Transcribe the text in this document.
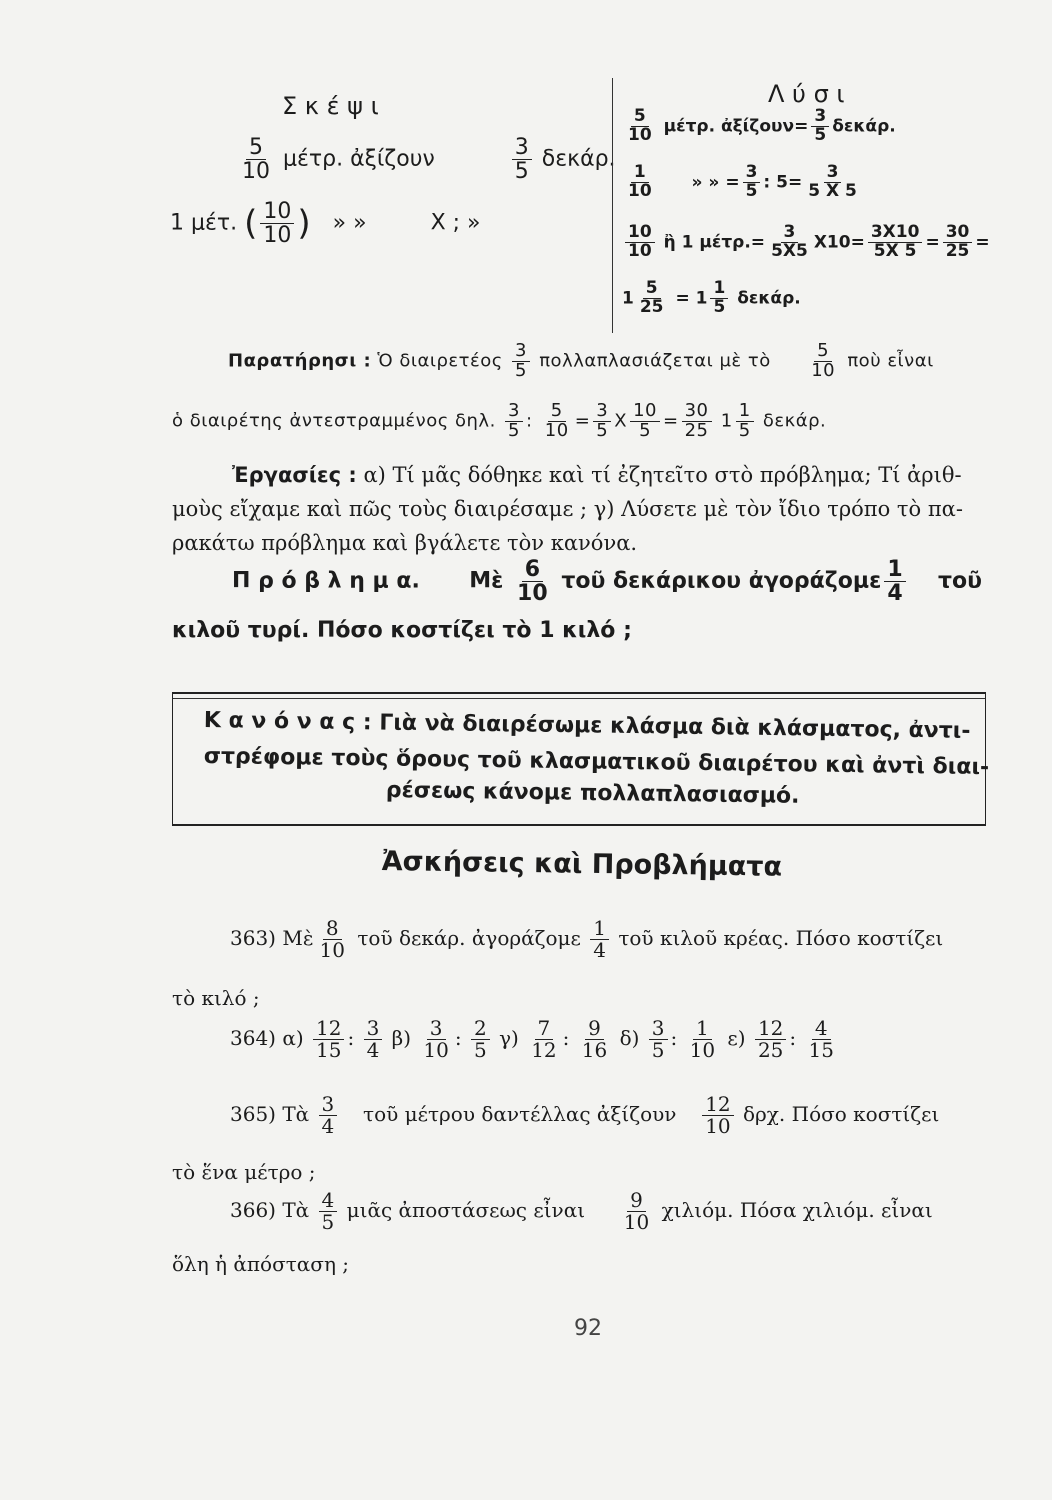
Σ κ έ ψ ι
$\frac{5}{10} \mu έ\tau\rho$. ἀξίζουν	$\frac{3}{5} \delta\varepsilon\kappa ά\rho$.
1 μέτ. ( $\frac{10}{10}$ ) » »	Χ ; »
Λ ύ σ ι
$\frac{5}{10} \mu έ\tau\rho$. ἀξίζουν= $\frac{3}{5} \delta\varepsilon\kappa ά\rho$.
$\frac{1}{10}$ » » = $\frac{3}{5}$ : $5= \frac{3}{5 X 5}$
$\frac{10}{10}$ ἢ 1 $\mu έ\tau\rho.= \frac{3}{5X5} X10= \frac{3X10}{5X 5} = \frac{30}{25}$ =
$1 \frac{5}{25} = 1 \frac{1}{5} \delta\varepsilon\kappa ά\rho$.
Παρατήρησι : Ὁ διαιρετέος $\frac{3}{5}$ πολλαπλασιάζεται μὲ τὸ $\frac{5}{10}$ ποὺ εἶναι
ὁ διαιρέτης ἀντεστραμμένος δηλ. $\frac{3}{5}$ : $\frac{5}{10} = \frac{3}{5}$ Χ $\frac{10}{5} = \frac{30}{25} 1 \frac{1}{5} \delta\varepsilon\kappa ά\rho$.
Ἐργασίες : α) Τί μᾶς δόθηκε καὶ τί ἐζητεῖτο στὸ πρόβλημα; Τί ἀριθ-
μοὺς εἴχαμε καὶ πῶς τοὺς διαιρέσαμε ; γ) Λύσετε μὲ τὸν ἴδιο τρόπο τὸ πα-
ρακάτω πρόβλημα καὶ βγάλετε τὸν κανόνα.
Π ρ ό β λ η μ α. Μὲ $\frac{6}{10}$ τοῦ δεκάρικου ἀγοράζομε $\frac{1}{4}$ τοῦ
κιλοῦ τυρί. Πόσο κοστίζει τὸ 1 κιλό ;
Κ α ν ό ν α ς : Γιὰ νὰ διαιρέσωμε κλάσμα διὰ κλάσματος, ἀντι-
στρέφομε τοὺς ὅρους τοῦ κλασματικοῦ διαιρέτου καὶ ἀντὶ διαι-
ρέσεως κάνομε πολλαπλασιασμό.
Ἀσκήσεις καὶ Προβλήματα
363) Μὲ $\frac{8}{10}$ τοῦ δεκάρ. ἀγοράζομε $\frac{1}{4}$ τοῦ κιλοῦ κρέας. Πόσο κοστίζει
τὸ κιλό ;
364) $\alpha) \frac{12}{15}$ : $\frac{3}{4} \beta) \frac{3}{10}$ : $\frac{2}{5} \gamma) \frac{7}{12}$ : $\frac{9}{16} \delta) \frac{3}{5}$ : $\frac{1}{10} \varepsilon) \frac{12}{25}$ : $\frac{4}{15}$
365) Τὰ $\frac{3}{4}$ τοῦ μέτρου δαντέλλας ἀξίζουν $\frac{12}{10} \delta\rho\chi$. Πόσο κοστίζει
τὸ ἕνα μέτρο ;
366) Τὰ $\frac{4}{5}$ μιᾶς ἀποστάσεως εἶναι $\frac{9}{10} \chi\iota\lambda\iota ό\mu$. Πόσα χιλιόμ. εἶναι
ὅλη ἡ ἀπόσταση ;
92
